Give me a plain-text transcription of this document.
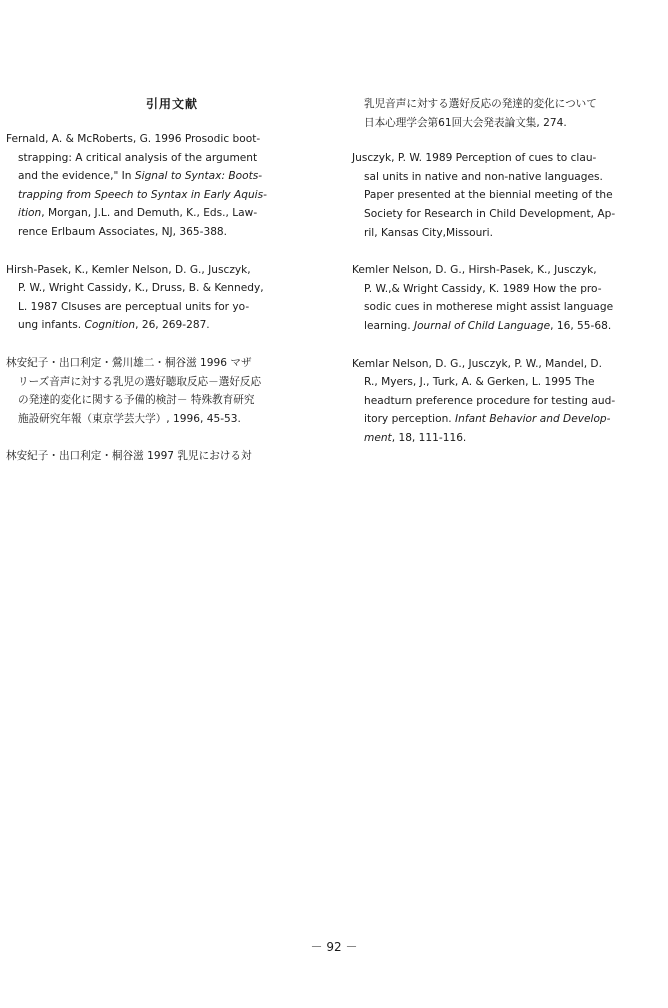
引用文献

Fernald, A. & McRoberts, G. 1996 Prosodic boot-
strapping: A critical analysis of the argument
and the evidence," In Signal to Syntax: Boots-
trapping from Speech to Syntax in Early Aquis-
ition, Morgan, J.L. and Demuth, K., Eds., Law-
rence Erlbaum Associates, NJ, 365-388.

Hirsh-Pasek, K., Kemler Nelson, D. G., Jusczyk,
P. W., Wright Cassidy, K., Druss, B. & Kennedy,
L. 1987 Clsuses are perceptual units for yo-
ung infants. Cognition, 26, 269-287.

林安紀子・出口利定・鶯川雄二・桐谷滋 1996 マザ
リーズ音声に対する乳児の選好聴取反応－選好反応
の発達的変化に関する予備的検討－ 特殊教育研究
施設研究年報（東京学芸大学）, 1996, 45-53.

林安紀子・出口利定・桐谷滋 1997 乳児における対

乳児音声に対する選好反応の発達的変化について
日本心理学会第61回大会発表論文集, 274.

Jusczyk, P. W. 1989 Perception of cues to clau-
sal units in native and non-native languages.
Paper presented at the biennial meeting of the
Society for Research in Child Development, Ap-
ril, Kansas City,Missouri.

Kemler Nelson, D. G., Hirsh-Pasek, K., Jusczyk,
P. W.,& Wright Cassidy, K. 1989 How the pro-
sodic cues in motherese might assist language
learning. Journal of Child Language, 16, 55-68.

Kemlar Nelson, D. G., Jusczyk, P. W., Mandel, D.
R., Myers, J., Turk, A. & Gerken, L. 1995 The
headturn preference procedure for testing aud-
itory perception. Infant Behavior and Develop-
ment, 18, 111-116.

－ 92 －
